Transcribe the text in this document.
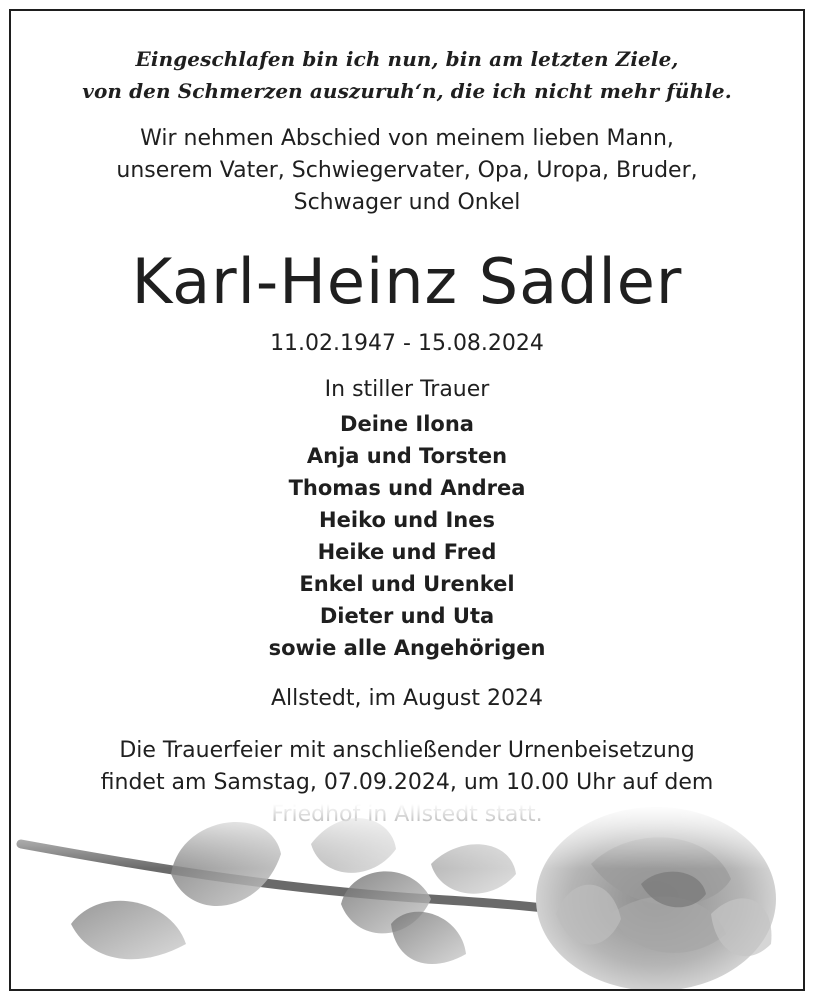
Eingeschlafen bin ich nun, bin am letzten Ziele,
von den Schmerzen auszuruh‘n, die ich nicht mehr fühle.
Wir nehmen Abschied von meinem lieben Mann,
unserem Vater, Schwiegervater, Opa, Uropa, Bruder,
Schwager und Onkel
Karl-Heinz Sadler
11.02.1947 - 15.08.2024
In stiller Trauer
Deine Ilona
Anja und Torsten
Thomas und Andrea
Heiko und Ines
Heike und Fred
Enkel und Urenkel
Dieter und Uta
sowie alle Angehörigen
Allstedt, im August 2024
Die Trauerfeier mit anschließender Urnenbeisetzung
findet am Samstag, 07.09.2024, um 10.00 Uhr auf dem
